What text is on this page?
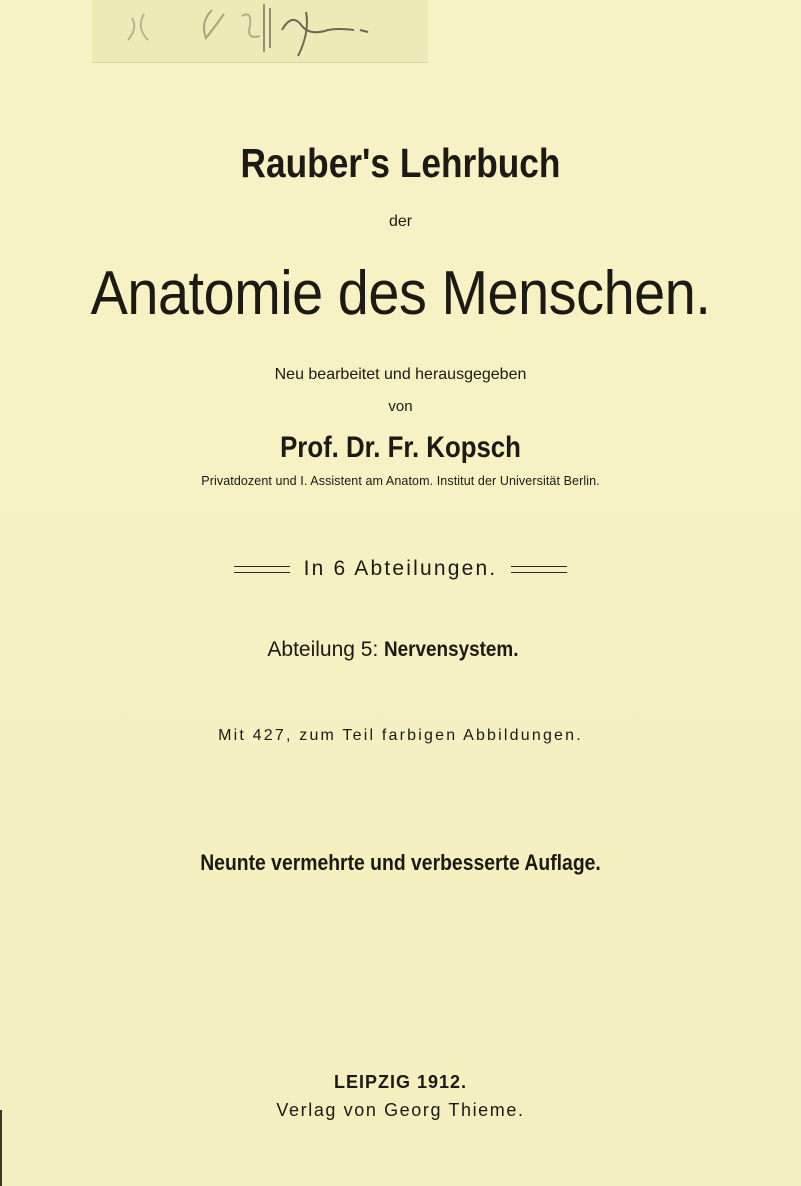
Rauber's Lehrbuch
der
Anatomie des Menschen.
Neu bearbeitet und herausgegeben
von
Prof. Dr. Fr. Kopsch
Privatdozent und I. Assistent am Anatom. Institut der Universität Berlin.
In 6 Abteilungen.
Abteilung 5: Nervensystem.
Mit 427, zum Teil farbigen Abbildungen.
Neunte vermehrte und verbesserte Auflage.
LEIPZIG 1912.
Verlag von Georg Thieme.
